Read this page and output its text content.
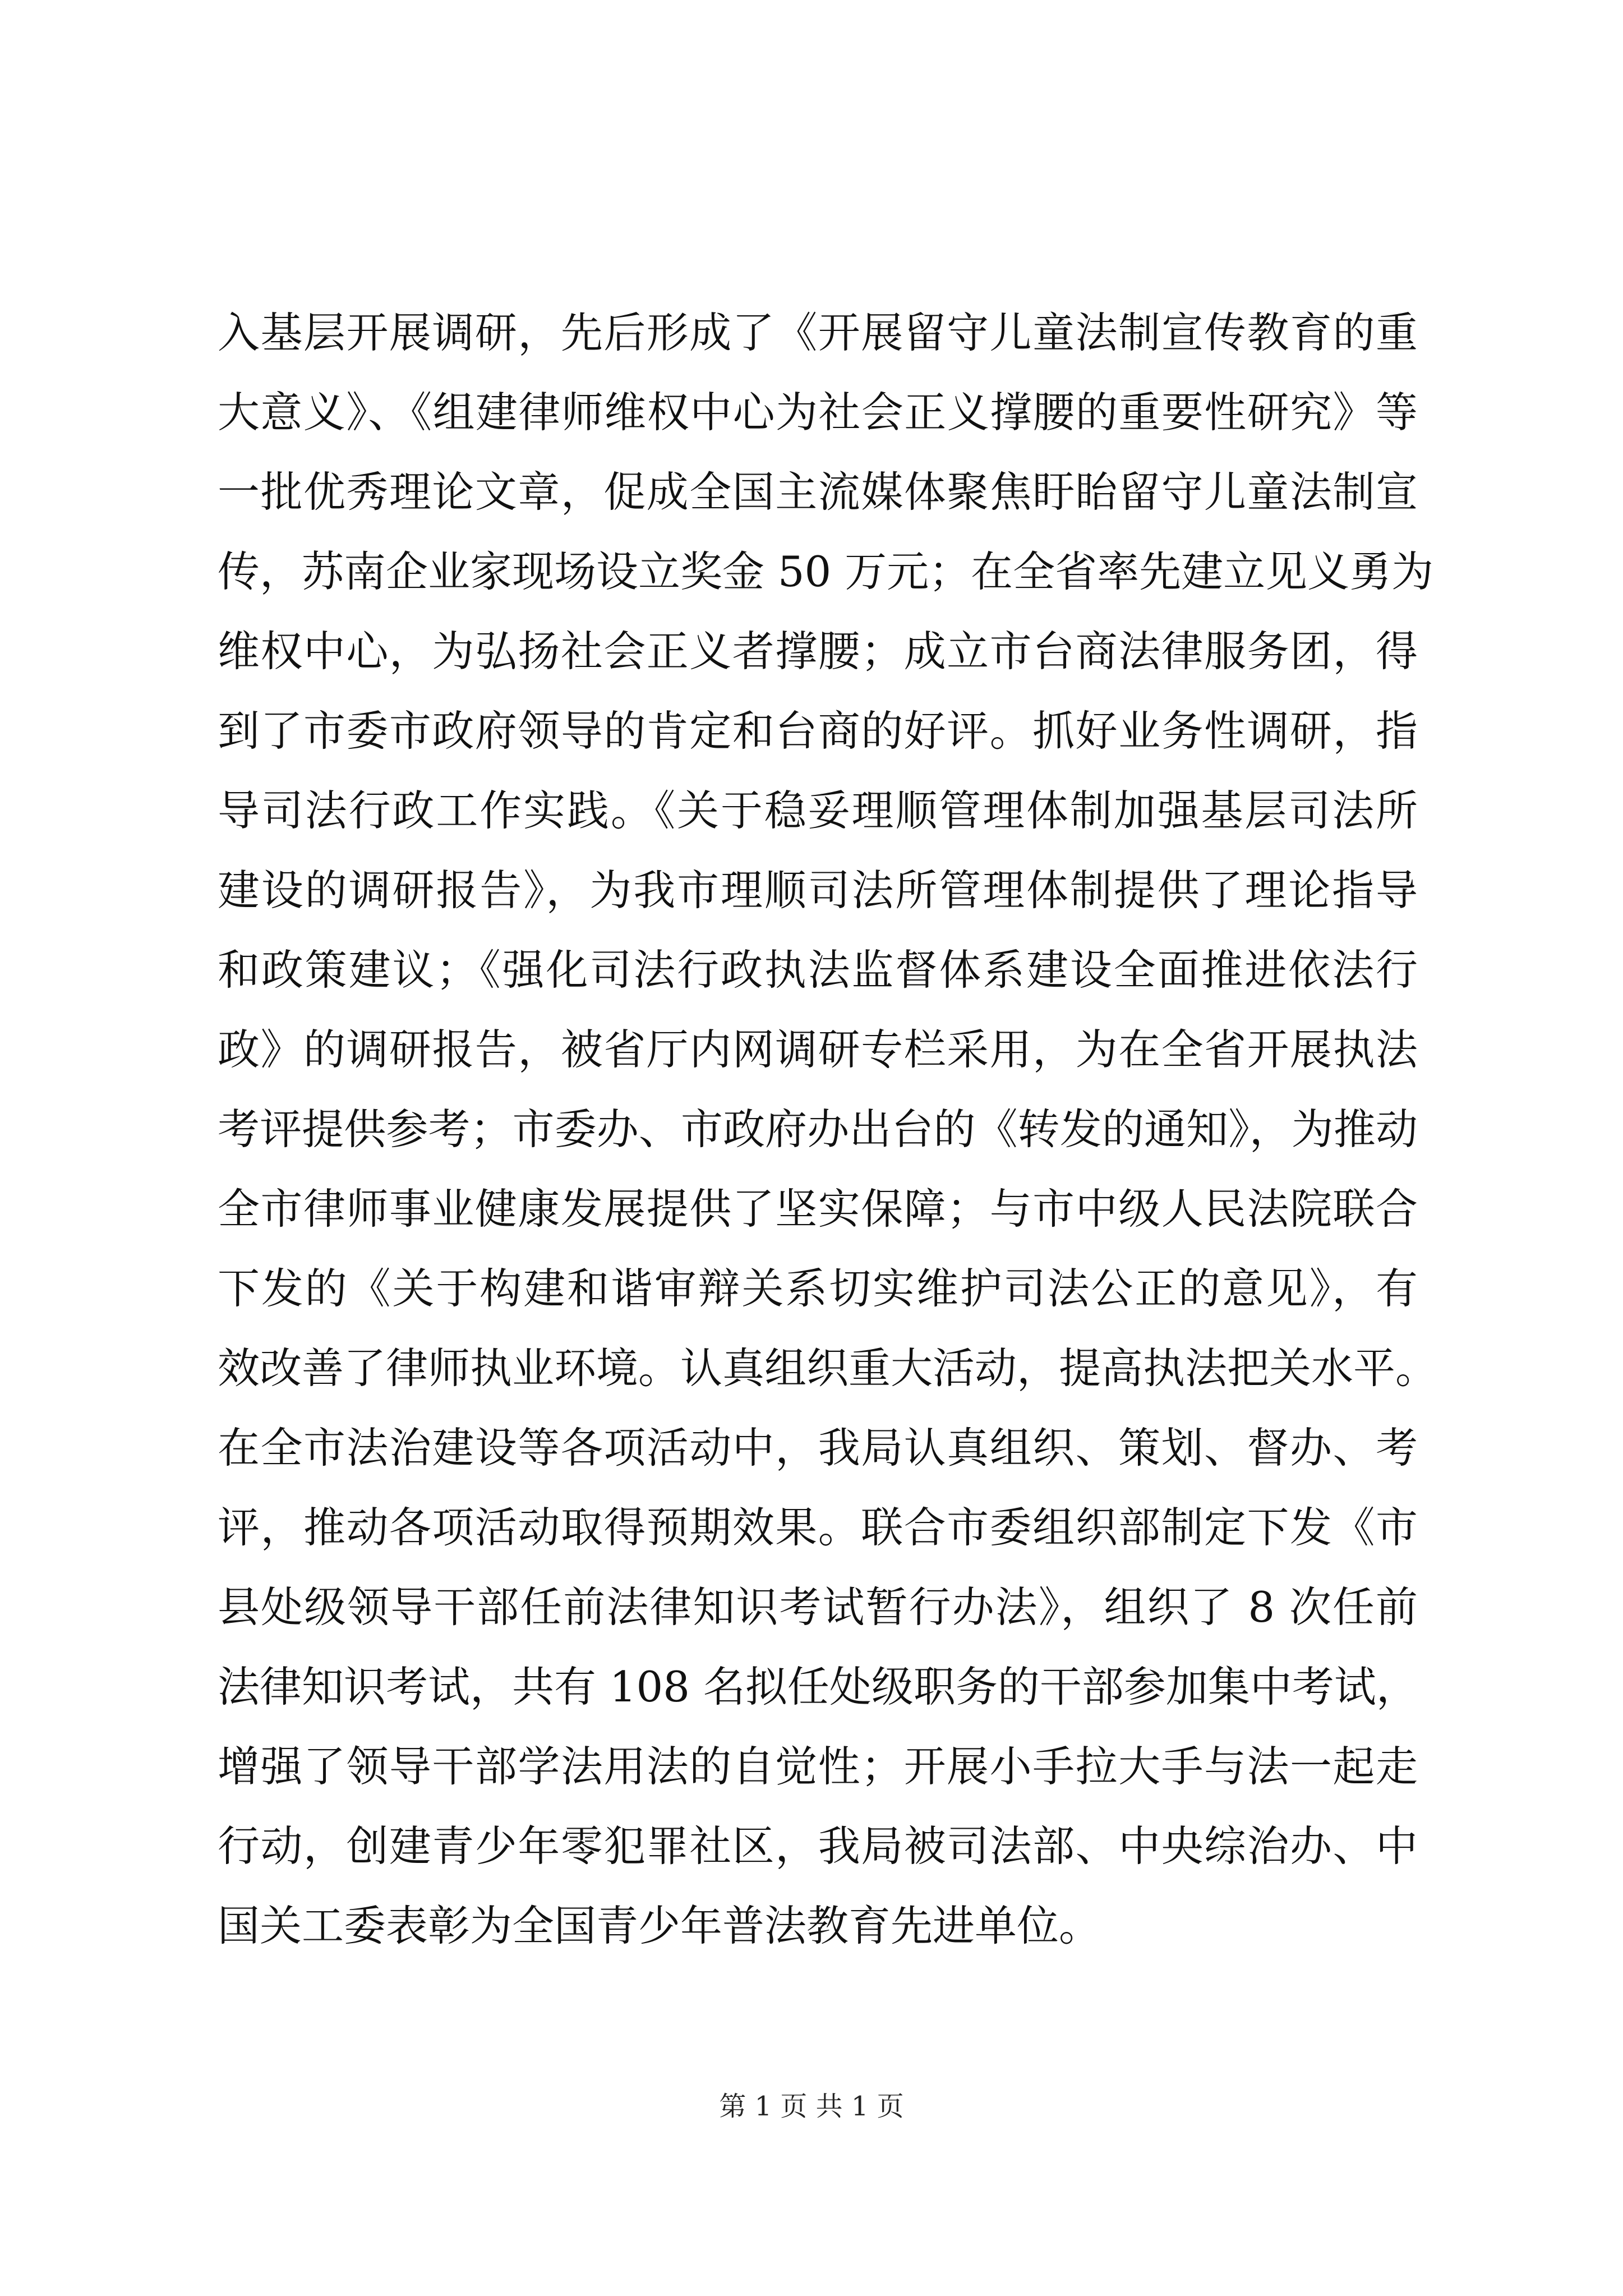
入基层开展调研，先后形成了《开展留守儿童法制宣传教育的重
大意义》、《组建律师维权中心为社会正义撑腰的重要性研究》等
一批优秀理论文章，促成全国主流媒体聚焦盱眙留守儿童法制宣
传，苏南企业家现场设立奖金 50 万元；在全省率先建立见义勇为
维权中心，为弘扬社会正义者撑腰；成立市台商法律服务团，得
到了市委市政府领导的肯定和台商的好评。抓好业务性调研，指
导司法行政工作实践。《关于稳妥理顺管理体制加强基层司法所
建设的调研报告》，为我市理顺司法所管理体制提供了理论指导
和政策建议；《强化司法行政执法监督体系建设全面推进依法行
政》的调研报告，被省厅内网调研专栏采用，为在全省开展执法
考评提供参考；市委办、市政府办出台的《转发的通知》，为推动
全市律师事业健康发展提供了坚实保障；与市中级人民法院联合
下发的《关于构建和谐审辩关系切实维护司法公正的意见》，有
效改善了律师执业环境。认真组织重大活动，提高执法把关水平。
在全市法治建设等各项活动中，我局认真组织、策划、督办、考
评，推动各项活动取得预期效果。联合市委组织部制定下发《市
县处级领导干部任前法律知识考试暂行办法》，组织了 8 次任前
法律知识考试，共有 108 名拟任处级职务的干部参加集中考试，
增强了领导干部学法用法的自觉性；开展小手拉大手与法一起走
行动，创建青少年零犯罪社区，我局被司法部、中央综治办、中
国关工委表彰为全国青少年普法教育先进单位。
第 1 页 共 1 页
